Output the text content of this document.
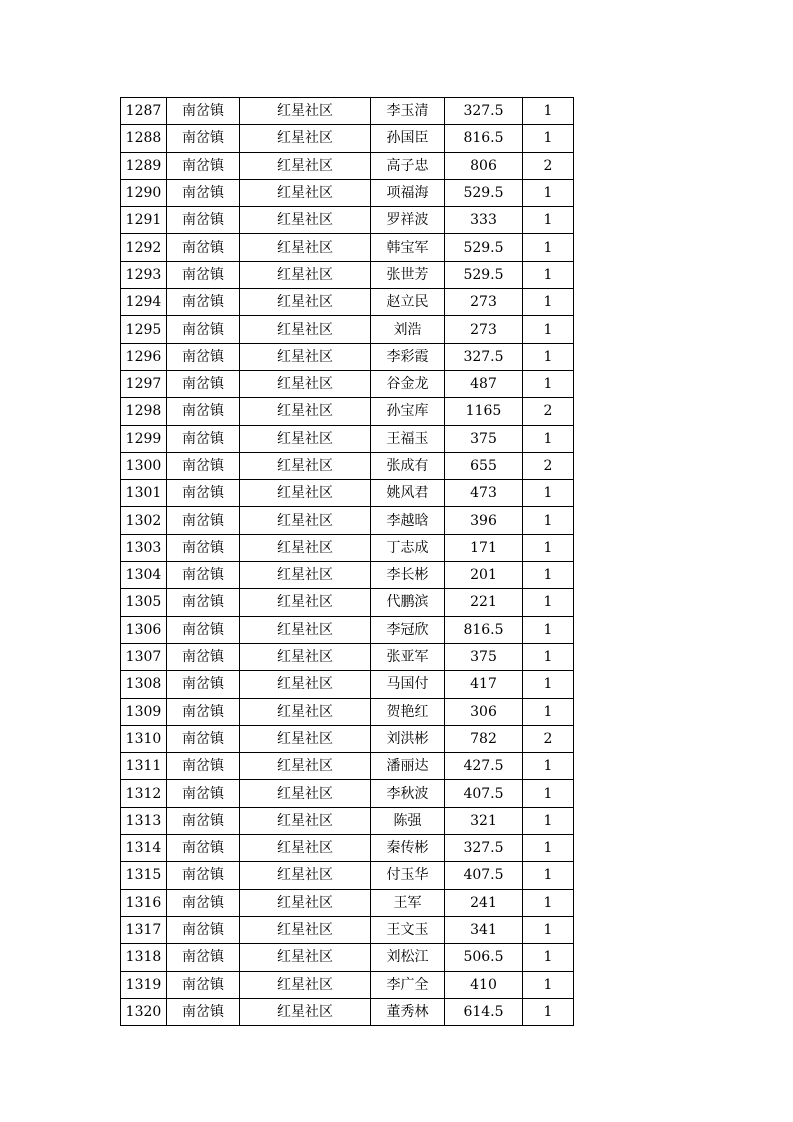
1287	南岔镇	红星社区	李玉清	327.5	1
1288	南岔镇	红星社区	孙国臣	816.5	1
1289	南岔镇	红星社区	高子忠	806	2
1290	南岔镇	红星社区	项福海	529.5	1
1291	南岔镇	红星社区	罗祥波	333	1
1292	南岔镇	红星社区	韩宝军	529.5	1
1293	南岔镇	红星社区	张世芳	529.5	1
1294	南岔镇	红星社区	赵立民	273	1
1295	南岔镇	红星社区	刘浩	273	1
1296	南岔镇	红星社区	李彩霞	327.5	1
1297	南岔镇	红星社区	谷金龙	487	1
1298	南岔镇	红星社区	孙宝库	1165	2
1299	南岔镇	红星社区	王福玉	375	1
1300	南岔镇	红星社区	张成有	655	2
1301	南岔镇	红星社区	姚风君	473	1
1302	南岔镇	红星社区	李越晗	396	1
1303	南岔镇	红星社区	丁志成	171	1
1304	南岔镇	红星社区	李长彬	201	1
1305	南岔镇	红星社区	代鹏滨	221	1
1306	南岔镇	红星社区	李冠欣	816.5	1
1307	南岔镇	红星社区	张亚军	375	1
1308	南岔镇	红星社区	马国付	417	1
1309	南岔镇	红星社区	贺艳红	306	1
1310	南岔镇	红星社区	刘洪彬	782	2
1311	南岔镇	红星社区	潘丽达	427.5	1
1312	南岔镇	红星社区	李秋波	407.5	1
1313	南岔镇	红星社区	陈强	321	1
1314	南岔镇	红星社区	秦传彬	327.5	1
1315	南岔镇	红星社区	付玉华	407.5	1
1316	南岔镇	红星社区	王军	241	1
1317	南岔镇	红星社区	王文玉	341	1
1318	南岔镇	红星社区	刘松江	506.5	1
1319	南岔镇	红星社区	李广全	410	1
1320	南岔镇	红星社区	董秀林	614.5	1
